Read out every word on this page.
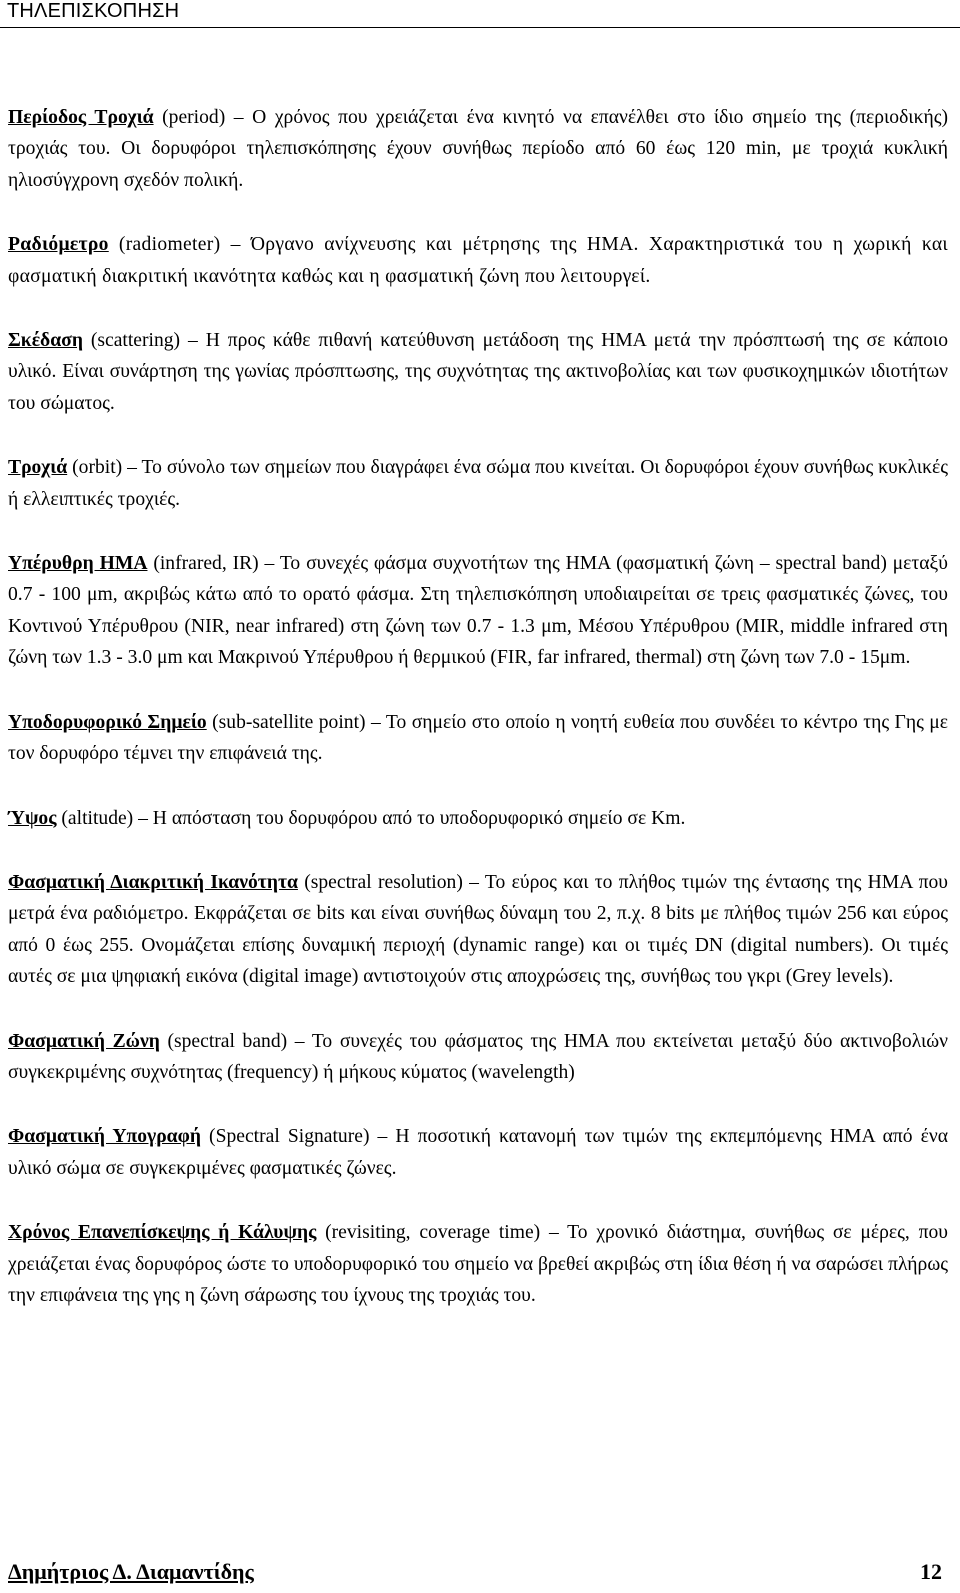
ΤΗΛΕΠΙΣΚΟΠΗΣΗ

Περίοδος Τροχιά (period) – Ο χρόνος που χρειάζεται ένα κινητό να επανέλθει στο ίδιο σημείο της (περιοδικής) τροχιάς του. Οι δορυφόροι τηλεπισκόπησης έχουν συνήθως περίοδο από 60 έως 120 min, με τροχιά κυκλική ηλιοσύγχρονη σχεδόν πολική.

Ραδιόμετρο (radiometer) – Όργανο ανίχνευσης και μέτρησης της ΗΜΑ. Χαρακτηριστικά του η χωρική και φασματική διακριτική ικανότητα καθώς και η φασματική ζώνη που λειτουργεί.

Σκέδαση (scattering) – Η προς κάθε πιθανή κατεύθυνση μετάδοση της ΗΜΑ μετά την πρόσπτωσή της σε κάποιο υλικό. Είναι συνάρτηση της γωνίας πρόσπτωσης, της συχνότητας της ακτινοβολίας και των φυσικοχημικών ιδιοτήτων του σώματος.

Τροχιά (orbit) – Το σύνολο των σημείων που διαγράφει ένα σώμα που κινείται. Οι δορυφόροι έχουν συνήθως κυκλικές ή ελλειπτικές τροχιές.

Υπέρυθρη ΗΜΑ (infrared, IR) – Το συνεχές φάσμα συχνοτήτων της ΗΜΑ (φασματική ζώνη – spectral band) μεταξύ 0.7 - 100 μm, ακριβώς κάτω από το ορατό φάσμα. Στη τηλεπισκόπηση υποδιαιρείται σε τρεις φασματικές ζώνες, του Κοντινού Υπέρυθρου (NIR, near infrared) στη ζώνη των 0.7 - 1.3 μm, Μέσου Υπέρυθρου (MIR, middle infrared στη ζώνη των 1.3 - 3.0 μm και Μακρινού Υπέρυθρου ή θερμικού (FIR, far infrared, thermal) στη ζώνη των 7.0 - 15μm.

Υποδορυφορικό Σημείο (sub-satellite point) – Το σημείο στο οποίο η νοητή ευθεία που συνδέει το κέντρο της Γης με τον δορυφόρο τέμνει την επιφάνειά της.

Ύψος (altitude) – Η απόσταση του δορυφόρου από το υποδορυφορικό σημείο σε Km.

Φασματική Διακριτική Ικανότητα (spectral resolution) – Το εύρος και το πλήθος τιμών της έντασης της ΗΜΑ που μετρά ένα ραδιόμετρο. Εκφράζεται σε bits και είναι συνήθως δύναμη του 2, π.χ. 8 bits με πλήθος τιμών 256 και εύρος από 0 έως 255. Ονομάζεται επίσης δυναμική περιοχή (dynamic range) και οι τιμές DN (digital numbers). Οι τιμές αυτές σε μια ψηφιακή εικόνα (digital image) αντιστοιχούν στις αποχρώσεις της, συνήθως του γκρι (Grey levels).

Φασματική Ζώνη (spectral band) – Το συνεχές του φάσματος της ΗΜΑ που εκτείνεται μεταξύ δύο ακτινοβολιών συγκεκριμένης συχνότητας (frequency) ή μήκους κύματος (wavelength)

Φασματική Υπογραφή (Spectral Signature) – Η ποσοτική κατανομή των τιμών της εκπεμπόμενης ΗΜΑ από ένα υλικό σώμα σε συγκεκριμένες φασματικές ζώνες.

Χρόνος Επανεπίσκεψης ή Κάλυψης (revisiting, coverage time) – Το χρονικό διάστημα, συνήθως σε μέρες, που χρειάζεται ένας δορυφόρος ώστε το υποδορυφορικό του σημείο να βρεθεί ακριβώς στη ίδια θέση ή να σαρώσει πλήρως την επιφάνεια της γης η ζώνη σάρωσης του ίχνους της τροχιάς του.

Δημήτριος Δ. Διαμαντίδης	12
